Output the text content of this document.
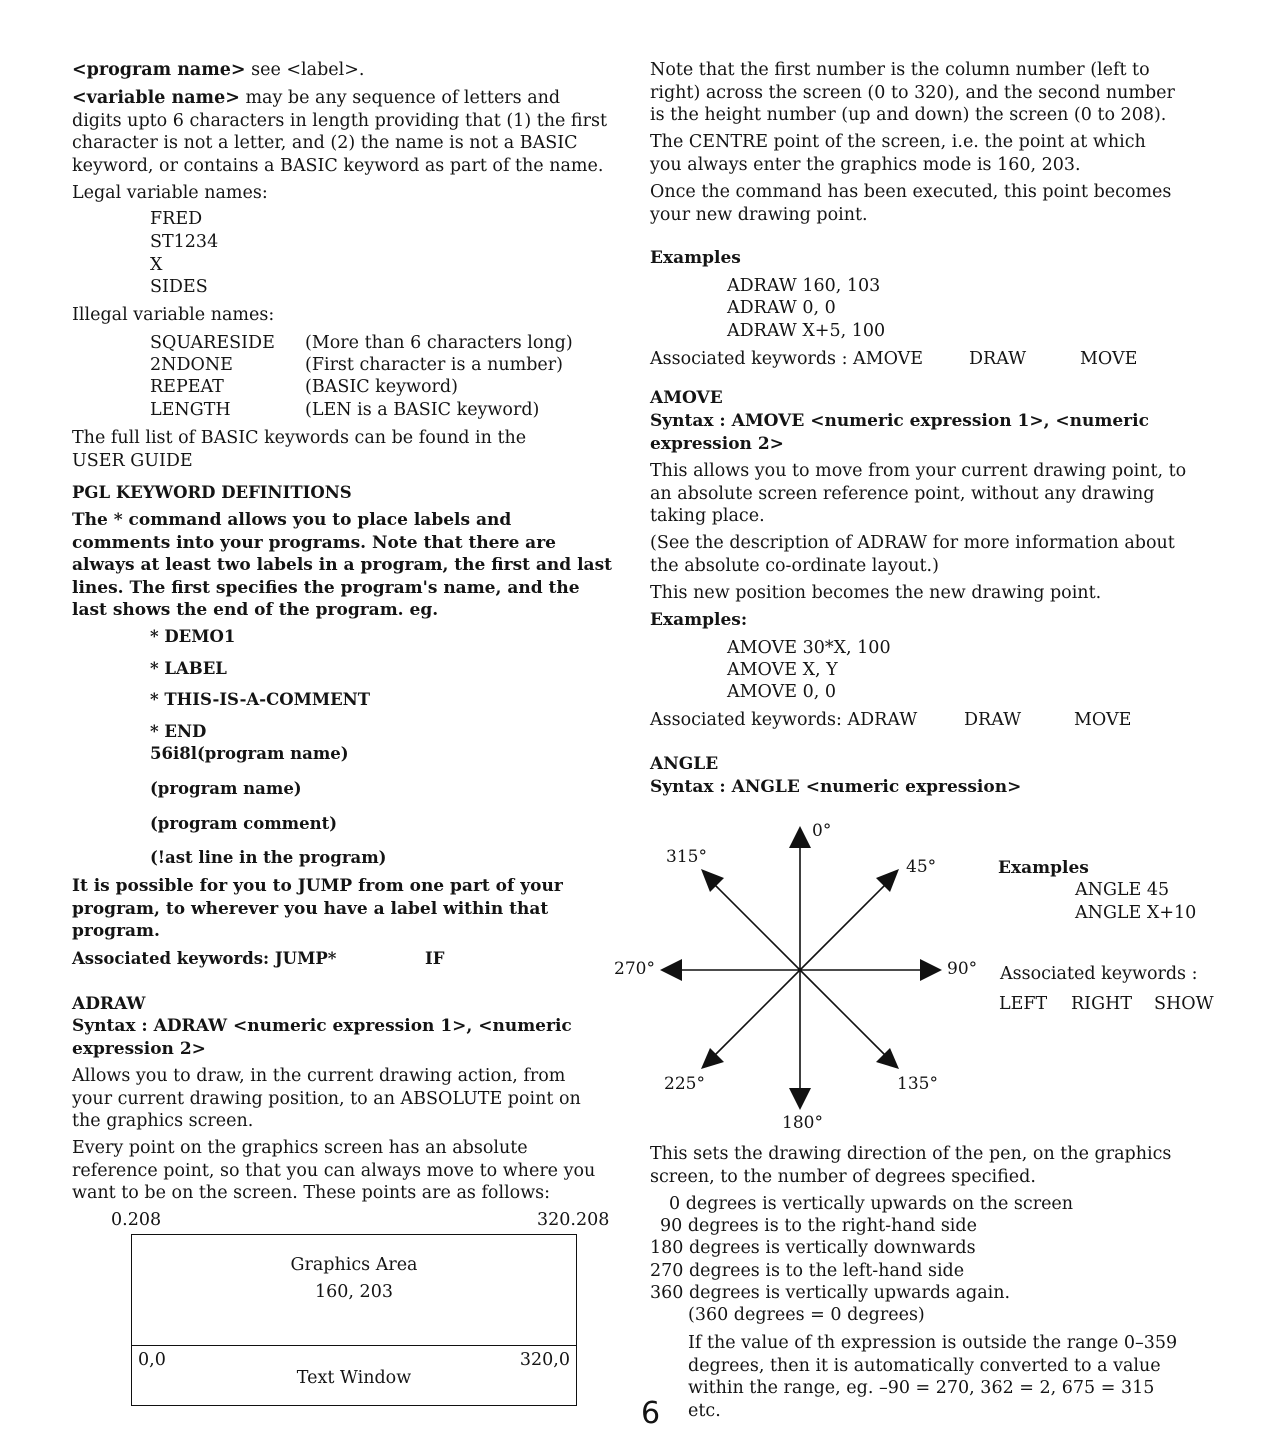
<program name> see <label>.

<variable name> may be any sequence of letters and digits upto 6 characters in length providing that (1) the first character is not a letter, and (2) the name is not a BASIC keyword, or contains a BASIC keyword as part of the name.

Legal variable names:

FRED
ST1234
X
SIDES

Illegal variable names:

SQUARESIDE (More than 6 characters long)
2NDONE	(First character is a number)
REPEAT	(BASIC keyword)
LENGTH	(LEN is a BASIC keyword)

The full list of BASIC keywords can be found in the USER GUIDE

PGL KEYWORD DEFINITIONS

The * command allows you to place labels and comments into your programs. Note that there are always at least two labels in a program, the first and last lines. The first specifies the program's name, and the last shows the end of the program. eg.

* DEMO1
* LABEL
* THIS-IS-A-COMMENT
* END
56i8l(program name)
(program name)
(program comment)
(!ast line in the program)

It is possible for you to JUMP from one part of your program, to wherever you have a label within that program.

Associated keywords: JUMP*	IF

ADRAW

Syntax : ADRAW <numeric expression 1>, <numeric expression 2>

Allows you to draw, in the current drawing action, from your current drawing position, to an ABSOLUTE point on the graphics screen.

Every point on the graphics screen has an absolute reference point, so that you can always move to where you want to be on the screen. These points are as follows:

0.208	320.208
Graphics Area
160, 203
0,0	320,0
Text Window

Note that the first number is the column number (left to right) across the screen (0 to 320), and the second number is the height number (up and down) the screen (0 to 208).

The CENTRE point of the screen, i.e. the point at which you always enter the graphics mode is 160, 203.

Once the command has been executed, this point becomes your new drawing point.

Examples

ADRAW 160, 103
ADRAW 0, 0
ADRAW X+5, 100
Associated keywords : AMOVE	DRAW	MOVE

AMOVE

Syntax : AMOVE <numeric expression 1>, <numeric expression 2>

This allows you to move from your current drawing point, to an absolute screen reference point, without any drawing taking place.

(See the description of ADRAW for more information about the absolute co-ordinate layout.)

This new position becomes the new drawing point.

Examples:

AMOVE 30*X, 100
AMOVE X, Y
AMOVE 0, 0
Associated keywords: ADRAW	DRAW	MOVE

ANGLE

Syntax : ANGLE <numeric expression>

0°
45°
90°
135°
180°
225°
270°
315°
Examples
ANGLE 45
ANGLE X+10
Associated keywords :
LEFT RIGHT SHOW

This sets the drawing direction of the pen, on the graphics screen, to the number of degrees specified.

0 degrees is vertically upwards on the screen
90 degrees is to the right-hand side
180 degrees is vertically downwards
270 degrees is to the left-hand side
360 degrees is vertically upwards again.
(360 degrees = 0 degrees)

If the value of th expression is outside the range 0–359 degrees, then it is automatically converted to a value within the range, eg. –90 = 270, 362 = 2, 675 = 315 etc.

6
